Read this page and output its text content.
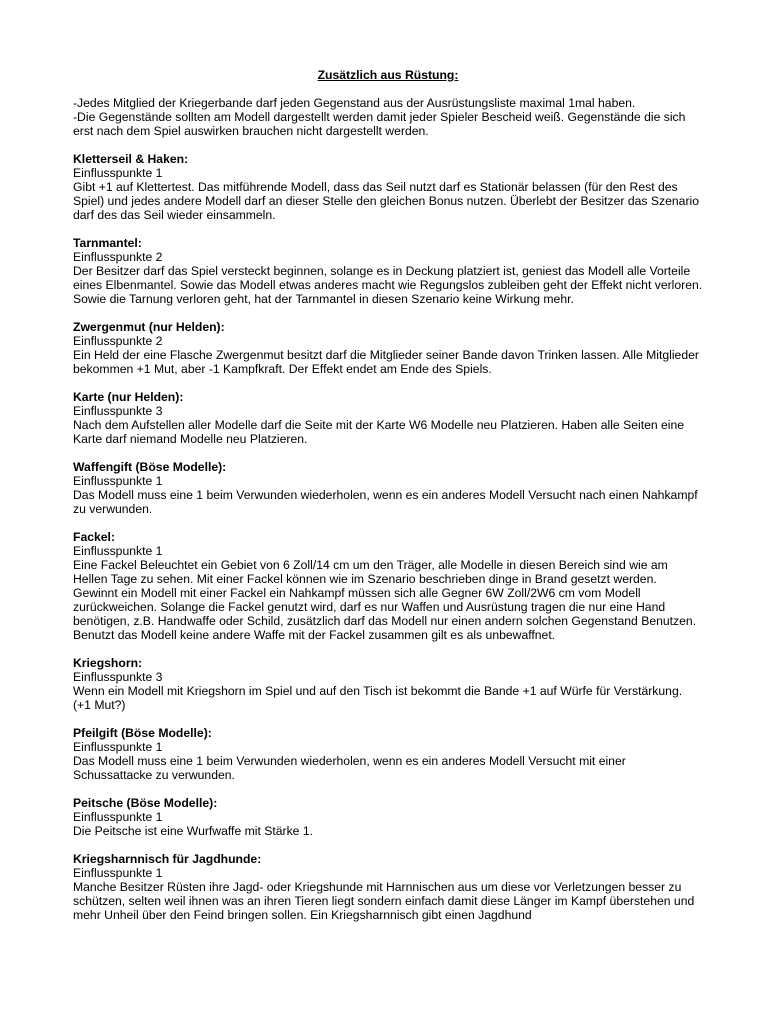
Zusätzlich aus Rüstung:

-Jedes Mitglied der Kriegerbande darf jeden Gegenstand aus der Ausrüstungsliste maximal 1mal haben.

-Die Gegenstände sollten am Modell dargestellt werden damit jeder Spieler Bescheid weiß. Gegenstände die sich erst nach dem Spiel auswirken brauchen nicht dargestellt werden.

Kletterseil & Haken:

Einflusspunkte 1

Gibt +1 auf Klettertest. Das mitführende Modell, dass das Seil nutzt darf es Stationär belassen (für den Rest des Spiel) und jedes andere Modell darf an dieser Stelle den gleichen Bonus nutzen. Überlebt der Besitzer das Szenario darf des das Seil wieder einsammeln.

Tarnmantel:

Einflusspunkte 2

Der Besitzer darf das Spiel versteckt beginnen, solange es in Deckung platziert ist, geniest das Modell alle Vorteile eines Elbenmantel. Sowie das Modell etwas anderes macht wie Regungslos zubleiben geht der Effekt nicht verloren. Sowie die Tarnung verloren geht, hat der Tarnmantel in diesen Szenario keine Wirkung mehr.

Zwergenmut (nur Helden):

Einflusspunkte 2

Ein Held der eine Flasche Zwergenmut besitzt darf die Mitglieder seiner Bande davon Trinken lassen. Alle Mitglieder bekommen +1 Mut, aber -1 Kampfkraft. Der Effekt endet am Ende des Spiels.

Karte (nur Helden):

Einflusspunkte 3

Nach dem Aufstellen aller Modelle darf die Seite mit der Karte W6 Modelle neu Platzieren. Haben alle Seiten eine Karte darf niemand Modelle neu Platzieren.

Waffengift (Böse Modelle):

Einflusspunkte 1

Das Modell muss eine 1 beim Verwunden wiederholen, wenn es ein anderes Modell Versucht nach einen Nahkampf zu verwunden.

Fackel:

Einflusspunkte 1

Eine Fackel Beleuchtet ein Gebiet von 6 Zoll/14 cm um den Träger, alle Modelle in diesen Bereich sind wie am Hellen Tage zu sehen. Mit einer Fackel können wie im Szenario beschrieben dinge in Brand gesetzt werden. Gewinnt ein Modell mit einer Fackel ein Nahkampf müssen sich alle Gegner 6W Zoll/2W6 cm vom Modell zurückweichen. Solange die Fackel genutzt wird, darf es nur Waffen und Ausrüstung tragen die nur eine Hand benötigen, z.B. Handwaffe oder Schild, zusätzlich darf das Modell nur einen andern solchen Gegenstand Benutzen. Benutzt das Modell keine andere Waffe mit der Fackel zusammen gilt es als unbewaffnet.

Kriegshorn:

Einflusspunkte 3

Wenn ein Modell mit Kriegshorn im Spiel und auf den Tisch ist bekommt die Bande +1 auf Würfe für Verstärkung. (+1 Mut?)

Pfeilgift (Böse Modelle):

Einflusspunkte 1

Das Modell muss eine 1 beim Verwunden wiederholen, wenn es ein anderes Modell Versucht mit einer Schussattacke zu verwunden.

Peitsche (Böse Modelle):

Einflusspunkte 1

Die Peitsche ist eine Wurfwaffe mit Stärke 1.

Kriegsharnnisch für Jagdhunde:

Einflusspunkte 1

Manche Besitzer Rüsten ihre Jagd- oder Kriegshunde mit Harnnischen aus um diese vor Verletzungen besser zu schützen, selten weil ihnen was an ihren Tieren liegt sondern einfach damit diese Länger im Kampf überstehen und mehr Unheil über den Feind bringen sollen. Ein Kriegsharnnisch gibt einen Jagdhund
